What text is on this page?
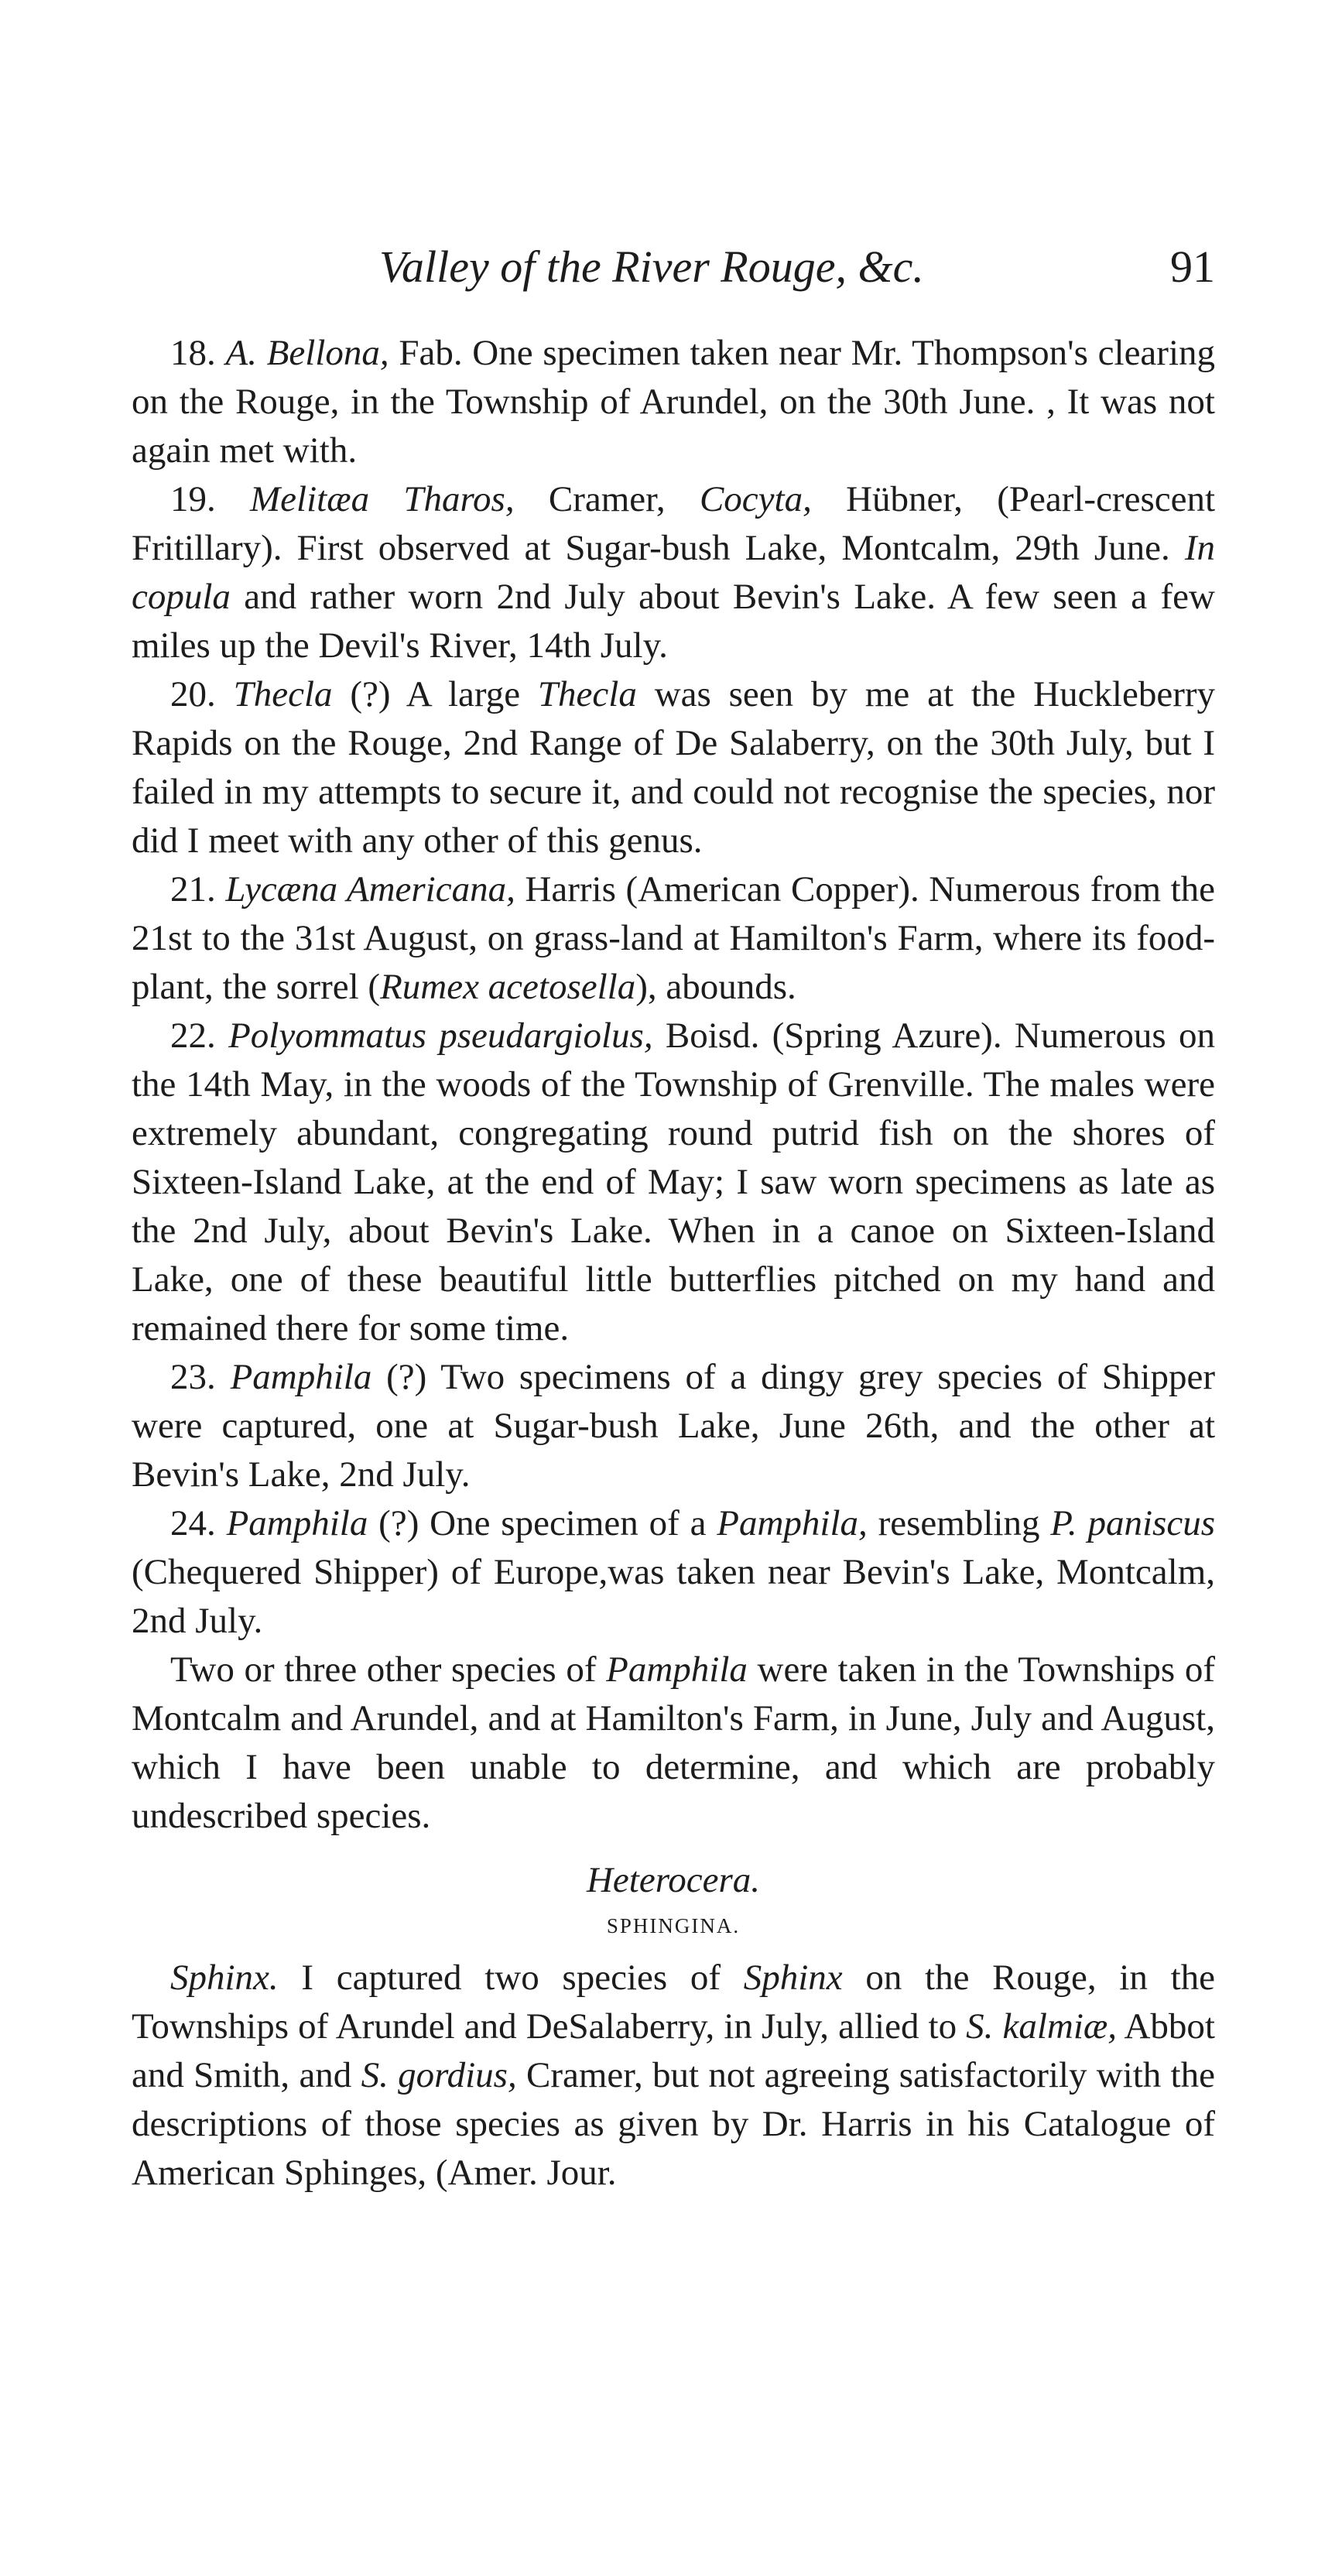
Valley of the River Rouge, &c.	91

18. A. Bellona, Fab. One specimen taken near Mr. Thompson's clearing on the Rouge, in the Township of Arundel, on the 30th June. , It was not again met with.

19. Melitæa Tharos, Cramer, Cocyta, Hübner, (Pearl-crescent Fritillary). First observed at Sugar-bush Lake, Montcalm, 29th June. In copula and rather worn 2nd July about Bevin's Lake. A few seen a few miles up the Devil's River, 14th July.

20. Thecla (?) A large Thecla was seen by me at the Huckleberry Rapids on the Rouge, 2nd Range of De Salaberry, on the 30th July, but I failed in my attempts to secure it, and could not recognise the species, nor did I meet with any other of this genus.

21. Lycæna Americana, Harris (American Copper). Numerous from the 21st to the 31st August, on grass-land at Hamilton's Farm, where its food-plant, the sorrel (Rumex acetosella), abounds.

22. Polyommatus pseudargiolus, Boisd. (Spring Azure). Numerous on the 14th May, in the woods of the Township of Grenville. The males were extremely abundant, congregating round putrid fish on the shores of Sixteen-Island Lake, at the end of May; I saw worn specimens as late as the 2nd July, about Bevin's Lake. When in a canoe on Sixteen-Island Lake, one of these beautiful little butterflies pitched on my hand and remained there for some time.

23. Pamphila (?) Two specimens of a dingy grey species of Shipper were captured, one at Sugar-bush Lake, June 26th, and the other at Bevin's Lake, 2nd July.

24. Pamphila (?) One specimen of a Pamphila, resembling P. paniscus (Chequered Shipper) of Europe,was taken near Bevin's Lake, Montcalm, 2nd July.

Two or three other species of Pamphila were taken in the Townships of Montcalm and Arundel, and at Hamilton's Farm, in June, July and August, which I have been unable to determine, and which are probably undescribed species.

Heterocera.
SPHINGINA.

Sphinx. I captured two species of Sphinx on the Rouge, in the Townships of Arundel and DeSalaberry, in July, allied to S. kalmiæ, Abbot and Smith, and S. gordius, Cramer, but not agreeing satisfactorily with the descriptions of those species as given by Dr. Harris in his Catalogue of American Sphinges, (Amer. Jour.
